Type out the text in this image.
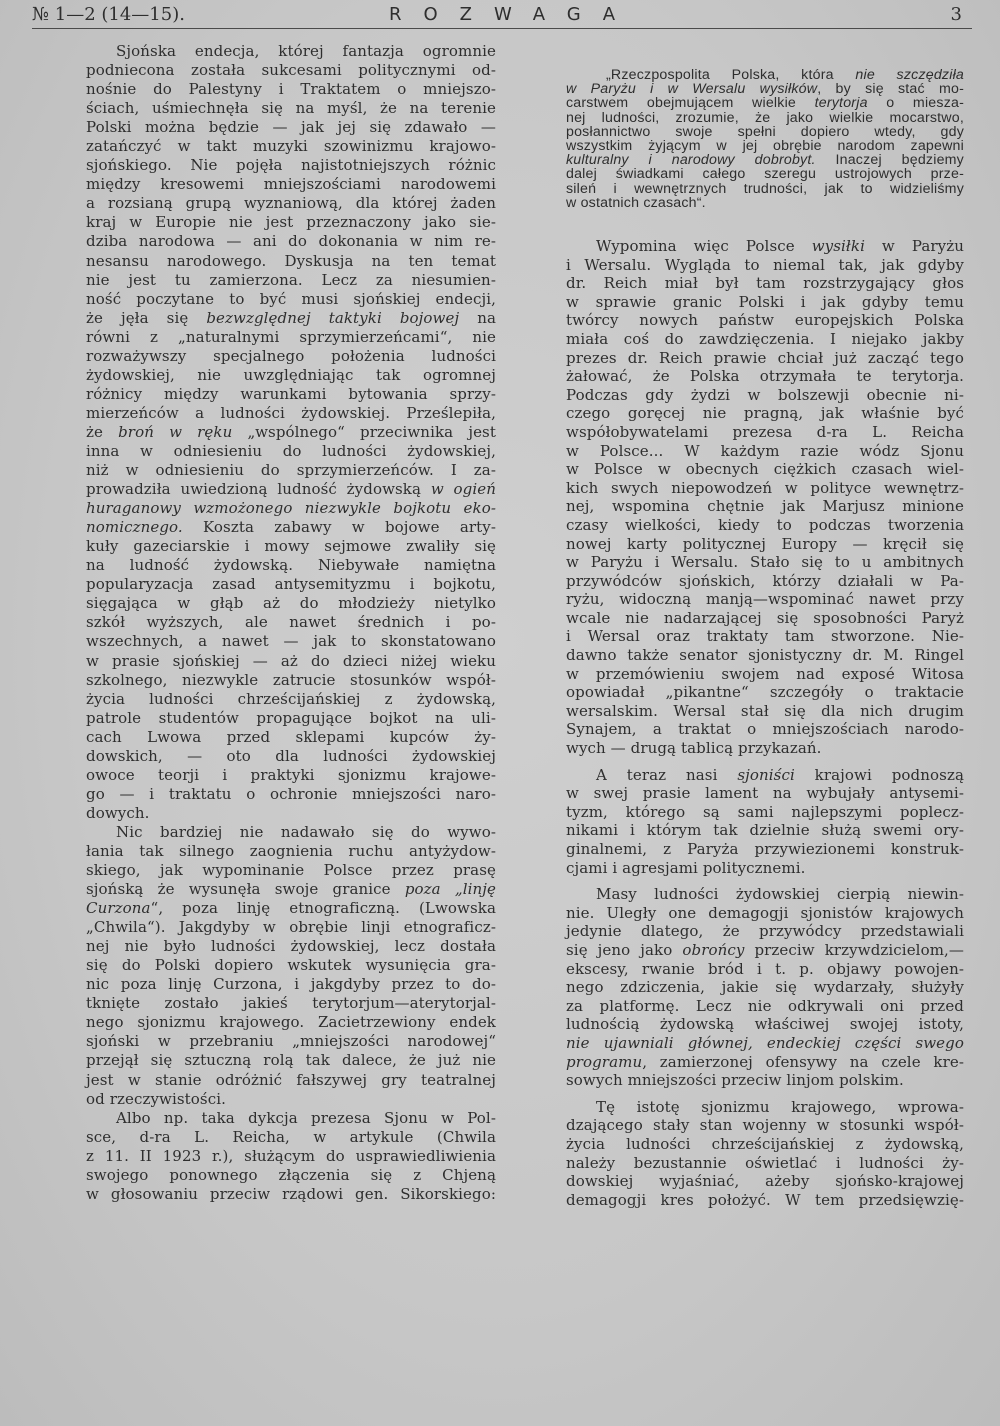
№ 1—2 (14—15).	ROZWAGA	3
Sjońska endecja, której fantazja ogromnie
podniecona została sukcesami politycznymi od-
nośnie do Palestyny i Traktatem o mniejszo-
ściach, uśmiechnęła się na myśl, że na terenie
Polski można będzie — jak jej się zdawało —
zatańczyć w takt muzyki szowinizmu krajowo-
sjońskiego. Nie pojęła najistotniejszych różnic
między kresowemi mniejszościami narodowemi
a rozsianą grupą wyznaniową, dla której żaden
kraj w Europie nie jest przeznaczony jako sie-
dziba narodowa — ani do dokonania w nim re-
nesansu narodowego. Dyskusja na ten temat
nie jest tu zamierzona. Lecz za niesumien-
ność poczytane to być musi sjońskiej endecji,
że jęła się bezwzględnej taktyki bojowej na
równi z „naturalnymi sprzymierzeńcami“, nie
rozważywszy specjalnego położenia ludności
żydowskiej, nie uwzględniając tak ogromnej
różnicy między warunkami bytowania sprzy-
mierzeńców a ludności żydowskiej. Prześlepiła,
że broń w ręku „wspólnego“ przeciwnika jest
inna w odniesieniu do ludności żydowskiej,
niż w odniesieniu do sprzymierzeńców. I za-
prowadziła uwiedzioną ludność żydowską w ogień
huraganowy wzmożonego niezwykle bojkotu eko-
nomicznego. Koszta zabawy w bojowe arty-
kuły gazeciarskie i mowy sejmowe zwaliły się
na ludność żydowską. Niebywałe namiętna
popularyzacja zasad antysemityzmu i bojkotu,
sięgająca w głąb aż do młodzieży nietylko
szkół wyższych, ale nawet średnich i po-
wszechnych, a nawet — jak to skonstatowano
w prasie sjońskiej — aż do dzieci niżej wieku
szkolnego, niezwykle zatrucie stosunków współ-
życia ludności chrześcijańskiej z żydowską,
patrole studentów propagujące bojkot na uli-
cach Lwowa przed sklepami kupców ży-
dowskich, — oto dla ludności żydowskiej
owoce teorji i praktyki sjonizmu krajowe-
go — i traktatu o ochronie mniejszości naro-
dowych.
Nic bardziej nie nadawało się do wywo-
łania tak silnego zaognienia ruchu antyżydow-
skiego, jak wypominanie Polsce przez prasę
sjońską że wysunęła swoje granice poza „linję
Curzona“, poza linję etnograficzną. (Lwowska
„Chwila“). Jakgdyby w obrębie linji etnograficz-
nej nie było ludności żydowskiej, lecz dostała
się do Polski dopiero wskutek wysunięcia gra-
nic poza linję Curzona, i jakgdyby przez to do-
tknięte zostało jakieś terytorjum—aterytorjal-
nego sjonizmu krajowego. Zacietrzewiony endek
sjoński w przebraniu „mniejszości narodowej“
przejął się sztuczną rolą tak dalece, że już nie
jest w stanie odróżnić fałszywej gry teatralnej
od rzeczywistości.
Albo np. taka dykcja prezesa Sjonu w Pol-
sce, d-ra L. Reicha, w artykule (Chwila
z 11. II 1923 r.), służącym do usprawiedliwienia
swojego ponownego złączenia się z Chjeną
w głosowaniu przeciw rządowi gen. Sikorskiego:
„Rzeczpospolita Polska, która nie szczędziła
w Paryżu i w Wersalu wysiłków, by się stać mo-
carstwem obejmującem wielkie terytorja o miesza-
nej ludności, zrozumie, że jako wielkie mocarstwo,
posłannictwo swoje spełni dopiero wtedy, gdy
wszystkim żyjącym w jej obrębie narodom zapewni
kulturalny i narodowy dobrobyt. Inaczej będziemy
dalej świadkami całego szeregu ustrojowych prze-
sileń i wewnętrznych trudności, jak to widzieliśmy
w ostatnich czasach“.
Wypomina więc Polsce wysiłki w Paryżu
i Wersalu. Wygląda to niemal tak, jak gdyby
dr. Reich miał był tam rozstrzygający głos
w sprawie granic Polski i jak gdyby temu
twórcy nowych państw europejskich Polska
miała coś do zawdzięczenia. I niejako jakby
prezes dr. Reich prawie chciał już zacząć tego
żałować, że Polska otrzymała te terytorja.
Podczas gdy żydzi w bolszewji obecnie ni-
czego goręcej nie pragną, jak właśnie być
współobywatelami prezesa d-ra L. Reicha
w Polsce... W każdym razie wódz Sjonu
w Polsce w obecnych ciężkich czasach wiel-
kich swych niepowodzeń w polityce wewnętrz-
nej, wspomina chętnie jak Marjusz minione
czasy wielkości, kiedy to podczas tworzenia
nowej karty politycznej Europy — kręcił się
w Paryżu i Wersalu. Stało się to u ambitnych
przywódców sjońskich, którzy działali w Pa-
ryżu, widoczną manją—wspominać nawet przy
wcale nie nadarzającej się sposobności Paryż
i Wersal oraz traktaty tam stworzone. Nie-
dawno także senator sjonistyczny dr. M. Ringel
w przemówieniu swojem nad exposé Witosa
opowiadał „pikantne“ szczegóły o traktacie
wersalskim. Wersal stał się dla nich drugim
Synajem, a traktat o mniejszościach narodo-
wych — drugą tablicą przykazań.
A teraz nasi sjoniści krajowi podnoszą
w swej prasie lament na wybujały antysemi-
tyzm, którego są sami najlepszymi poplecz-
nikami i którym tak dzielnie służą swemi ory-
ginalnemi, z Paryża przywiezionemi konstruk-
cjami i agresjami politycznemi.
Masy ludności żydowskiej cierpią niewin-
nie. Uległy one demagogji sjonistów krajowych
jedynie dlatego, że przywódcy przedstawiali
się jeno jako obrońcy przeciw krzywdzicielom,—
ekscesy, rwanie bród i t. p. objawy powojen-
nego zdziczenia, jakie się wydarzały, służyły
za platformę. Lecz nie odkrywali oni przed
ludnością żydowską właściwej swojej istoty,
nie ujawniali głównej, endeckiej części swego
programu, zamierzonej ofensywy na czele kre-
sowych mniejszości przeciw linjom polskim.
Tę istotę sjonizmu krajowego, wprowa-
dzającego stały stan wojenny w stosunki współ-
życia ludności chrześcijańskiej z żydowską,
należy bezustannie oświetlać i ludności ży-
dowskiej wyjaśniać, ażeby sjońsko-krajowej
demagogji kres położyć. W tem przedsięwzię-
